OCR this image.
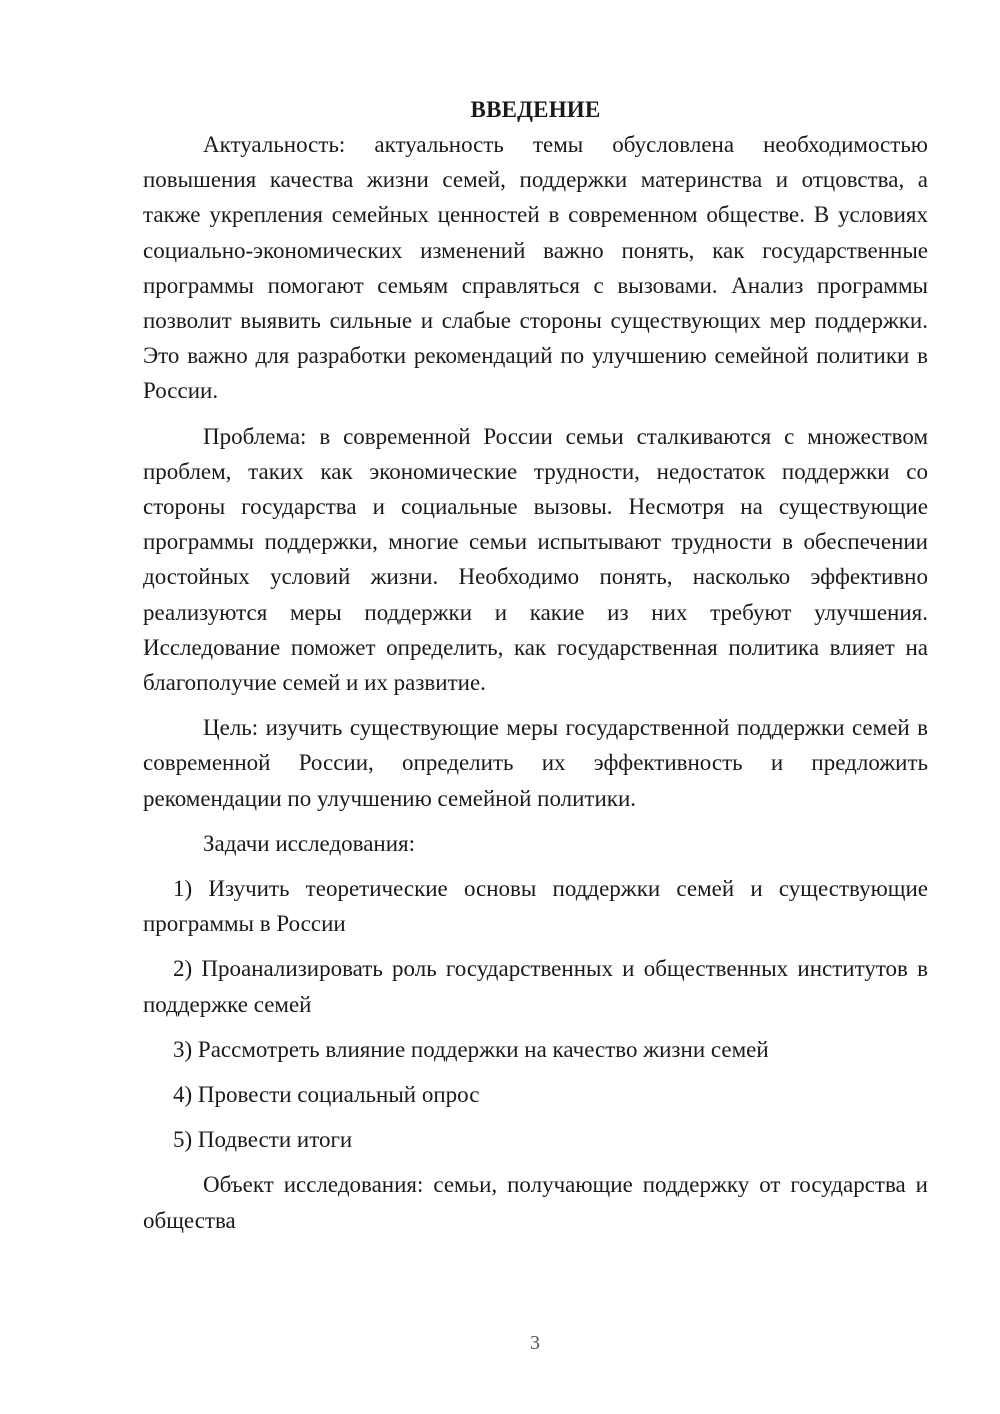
ВВЕДЕНИЕ

Актуальность: актуальность темы обусловлена необходимостью повышения качества жизни семей, поддержки материнства и отцовства, а также укрепления семейных ценностей в современном обществе. В условиях социально-экономических изменений важно понять, как государственные программы помогают семьям справляться с вызовами. Анализ программы позволит выявить сильные и слабые стороны существующих мер поддержки. Это важно для разработки рекомендаций по улучшению семейной политики в России.

Проблема: в современной России семьи сталкиваются с множеством проблем, таких как экономические трудности, недостаток поддержки со стороны государства и социальные вызовы. Несмотря на существующие программы поддержки, многие семьи испытывают трудности в обеспечении достойных условий жизни. Необходимо понять, насколько эффективно реализуются меры поддержки и какие из них требуют улучшения. Исследование поможет определить, как государственная политика влияет на благополучие семей и их развитие.

Цель: изучить существующие меры государственной поддержки семей в современной России, определить их эффективность и предложить рекомендации по улучшению семейной политики.

Задачи исследования:

1) Изучить теоретические основы поддержки семей и существующие программы в России

2) Проанализировать роль государственных и общественных институтов в поддержке семей

3) Рассмотреть влияние поддержки на качество жизни семей

4) Провести социальный опрос

5) Подвести итоги

Объект исследования: семьи, получающие поддержку от государства и общества

3
